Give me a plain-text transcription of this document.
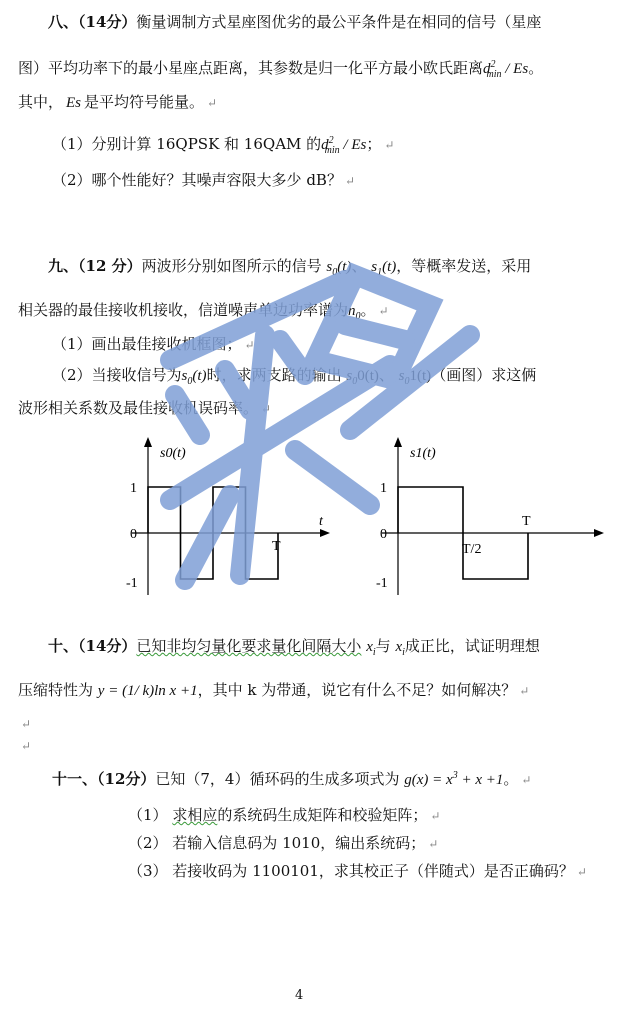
八、（14分）衡量调制方式星座图优劣的最公平条件是在相同的信号（星座
图）平均功率下的最小星座点距离，其参数是归一化平方最小欧氏距离$d^2_{min}$ / Es。
其中， Es 是平均符号能量。 ↵
（1）分别计算 16QPSK 和 16QAM 的$d^2_{min}$ / Es； ↵
（2）哪个性能好？其噪声容限大多少 dB？ ↵
九、（12 分）两波形分别如图所示的信号 $s_0(t)$、 $s_1(t)$，等概率发送，采用
相关器的最佳接收机接收，信道噪声单边功率谱为$n_0$。 ↵
（1）画出最佳接收机框图； ↵
（2）当接收信号为$s_0(t)$时，求两支路的输出 $s_00(t)$、 $s_01(t)$（画图）求这俩
波形相关系数及最佳接收机误码率。 ↵
s0(t)
1
0
-1
t
T
s1(t)
1
0
-1
T/2
T
十、（14分）已知非均匀量化要求量化间隔大小 $x_i$与 $x_i$成正比，试证明理想
压缩特性为 y = (1/ k)ln x +1，其中 k 为带通，说它有什么不足？如何解决？ ↵
↵
↵
十一、（12分）已知（7，4）循环码的生成多项式为 $g(x) = x^3 + x +1$。 ↵
（1） 求相应的系统码生成矩阵和校验矩阵； ↵
（2） 若输入信息码为 1010，编出系统码； ↵
（3） 若接收码为 1100101，求其校正子（伴随式）是否正确码？ ↵
4
